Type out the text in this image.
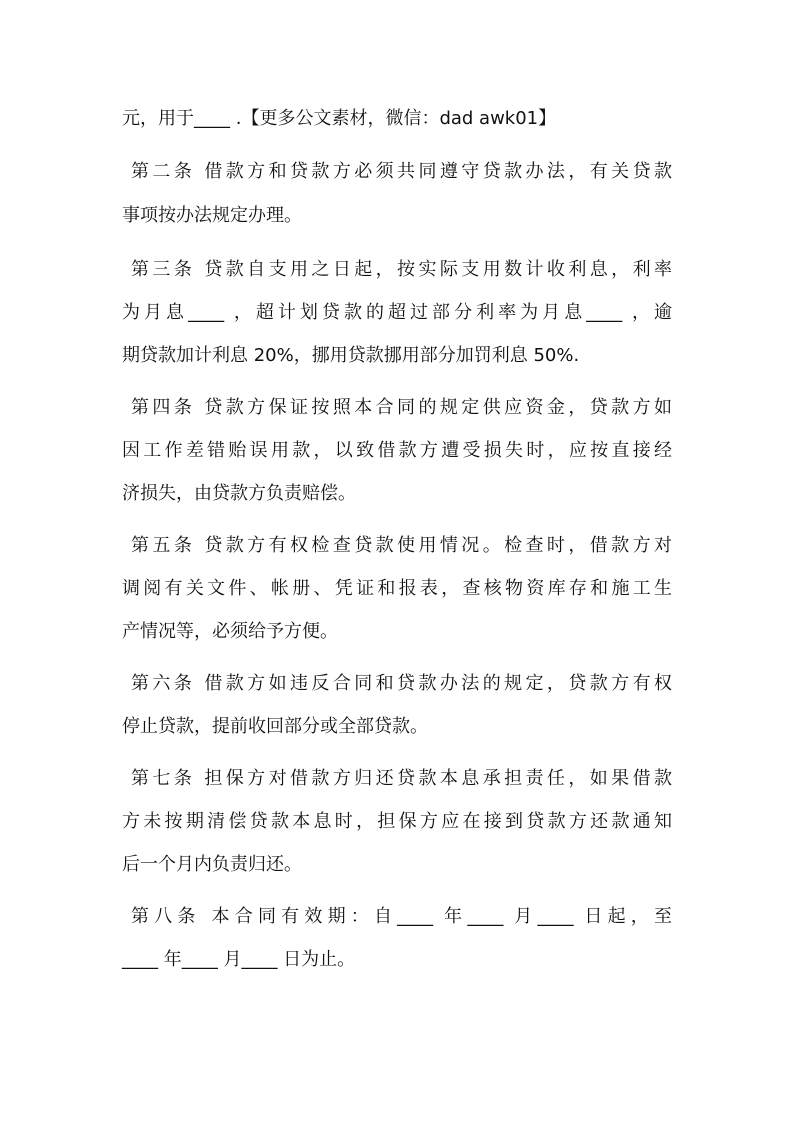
元，用于____ .【更多公文素材，微信：dad awk01】
第二条 借款方和贷款方必须共同遵守贷款办法，有关贷款
事项按办法规定办理。
第三条 贷款自支用之日起，按实际支用数计收利息，利率
为月息____ ，超计划贷款的超过部分利率为月息____ ，逾
期贷款加计利息 20%，挪用贷款挪用部分加罚利息 50%.
第四条 贷款方保证按照本合同的规定供应资金，贷款方如
因工作差错贻误用款，以致借款方遭受损失时，应按直接经
济损失，由贷款方负责赔偿。
第五条 贷款方有权检查贷款使用情况。检查时，借款方对
调阅有关文件、帐册、凭证和报表，查核物资库存和施工生
产情况等，必须给予方便。
第六条 借款方如违反合同和贷款办法的规定，贷款方有权
停止贷款，提前收回部分或全部贷款。
第七条 担保方对借款方归还贷款本息承担责任，如果借款
方未按期清偿贷款本息时，担保方应在接到贷款方还款通知
后一个月内负责归还。
第八条 本合同有效期：自____ 年____ 月____ 日起，至
____ 年____ 月____ 日为止。
